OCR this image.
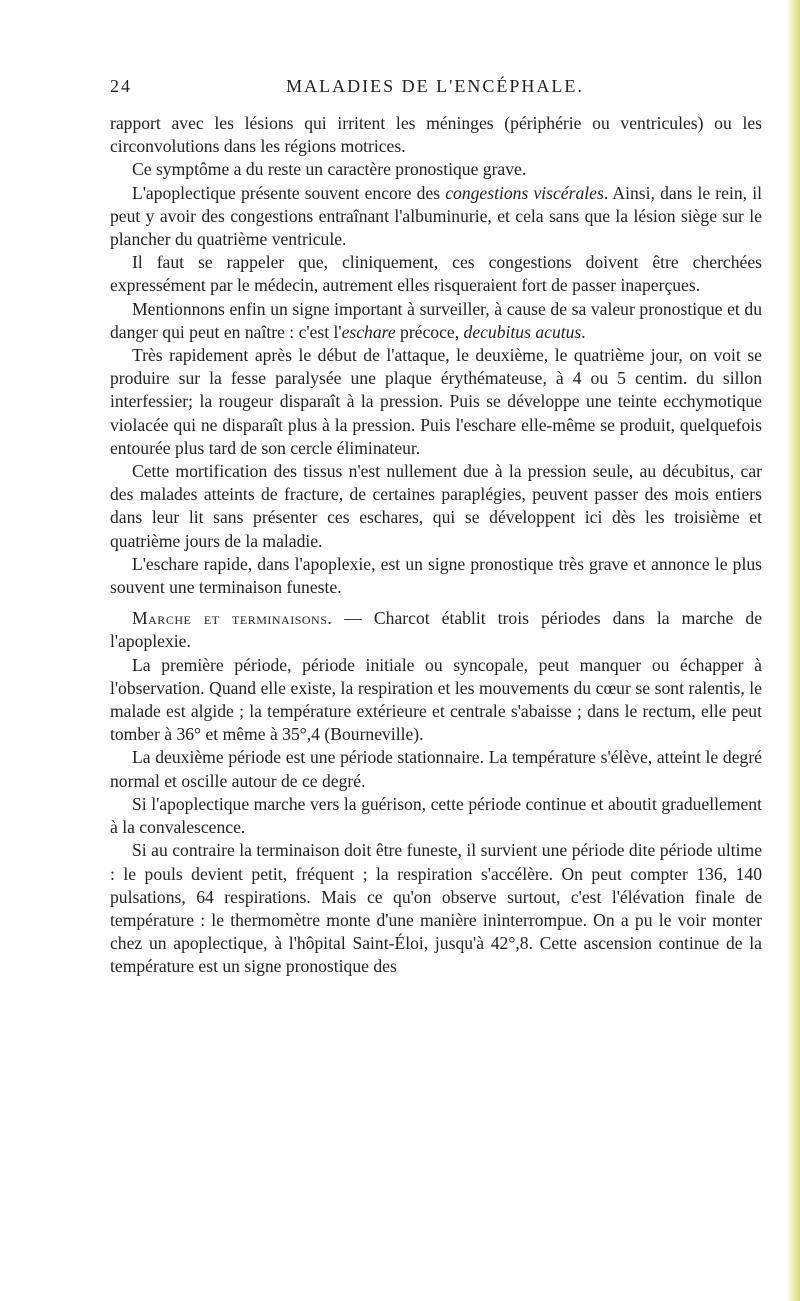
24	MALADIES DE L'ENCÉPHALE.

rapport avec les lésions qui irritent les méninges (périphérie ou ventricules) ou les circonvolutions dans les régions motrices.

Ce symptôme a du reste un caractère pronostique grave.

L'apoplectique présente souvent encore des congestions viscérales. Ainsi, dans le rein, il peut y avoir des congestions entraînant l'albuminurie, et cela sans que la lésion siège sur le plancher du quatrième ventricule.

Il faut se rappeler que, cliniquement, ces congestions doivent être cherchées expressément par le médecin, autrement elles risqueraient fort de passer inaperçues.

Mentionnons enfin un signe important à surveiller, à cause de sa valeur pronostique et du danger qui peut en naître : c'est l'eschare précoce, decubitus acutus.

Très rapidement après le début de l'attaque, le deuxième, le quatrième jour, on voit se produire sur la fesse paralysée une plaque érythémateuse, à 4 ou 5 centim. du sillon interfessier; la rougeur disparaît à la pression. Puis se développe une teinte ecchymotique violacée qui ne disparaît plus à la pression. Puis l'eschare elle-même se produit, quelquefois entourée plus tard de son cercle éliminateur.

Cette mortification des tissus n'est nullement due à la pression seule, au décubitus, car des malades atteints de fracture, de certaines paraplégies, peuvent passer des mois entiers dans leur lit sans présenter ces eschares, qui se développent ici dès les troisième et quatrième jours de la maladie.

L'eschare rapide, dans l'apoplexie, est un signe pronostique très grave et annonce le plus souvent une terminaison funeste.

Marche et terminaisons. — Charcot établit trois périodes dans la marche de l'apoplexie.

La première période, période initiale ou syncopale, peut manquer ou échapper à l'observation. Quand elle existe, la respiration et les mouvements du cœur se sont ralentis, le malade est algide ; la température extérieure et centrale s'abaisse ; dans le rectum, elle peut tomber à 36° et même à 35°,4 (Bourneville).

La deuxième période est une période stationnaire. La température s'élève, atteint le degré normal et oscille autour de ce degré.

Si l'apoplectique marche vers la guérison, cette période continue et aboutit graduellement à la convalescence.

Si au contraire la terminaison doit être funeste, il survient une période dite période ultime : le pouls devient petit, fréquent ; la respiration s'accélère. On peut compter 136, 140 pulsations, 64 respirations. Mais ce qu'on observe surtout, c'est l'élévation finale de température : le thermomètre monte d'une manière ininterrompue. On a pu le voir monter chez un apoplectique, à l'hôpital Saint-Éloi, jusqu'à 42°,8. Cette ascension continue de la température est un signe pronostique des
